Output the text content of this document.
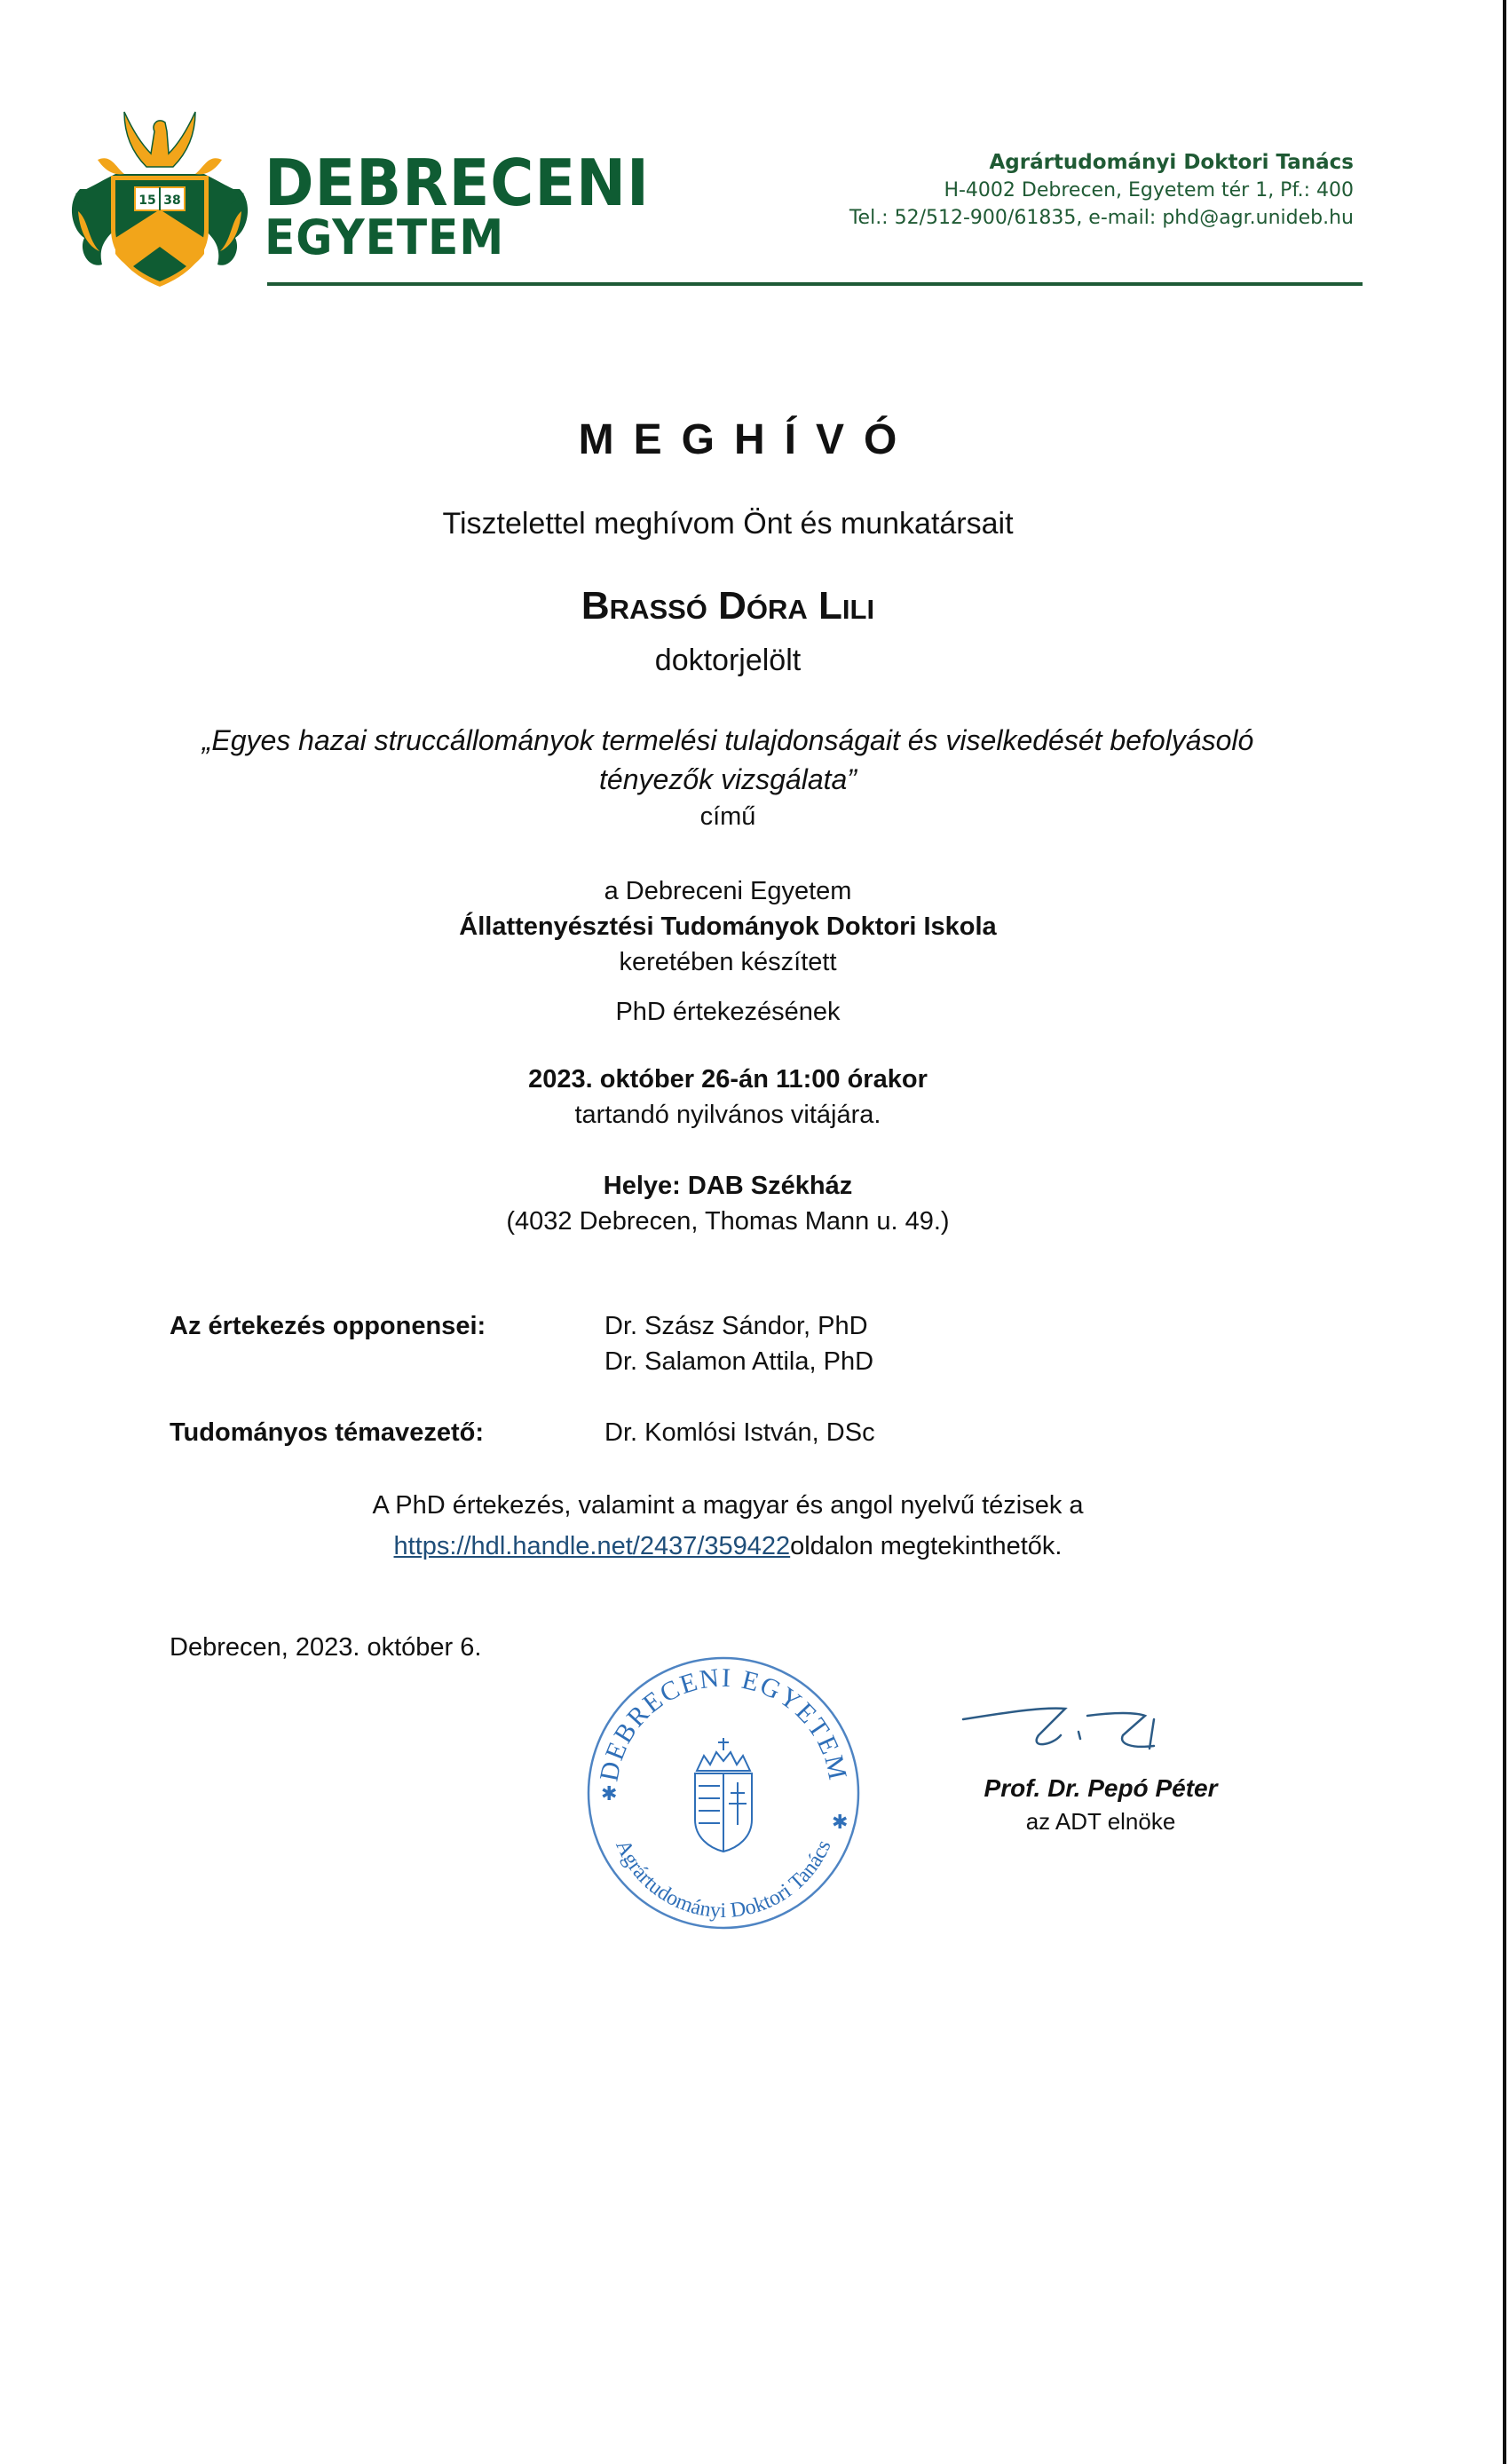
15 38 DEBRECENI
EGYETEM
Agrártudományi Doktori Tanács
H-4002 Debrecen, Egyetem tér 1, Pf.: 400
Tel.: 52/512-900/61835, e-mail: phd@agr.unideb.hu
MEGHÍVÓ
Tisztelettel meghívom Önt és munkatársait
Brassó Dóra Lili
doktorjelölt
„Egyes hazai struccállományok termelési tulajdonságait és viselkedését befolyásoló
tényezők vizsgálata”
című
a Debreceni Egyetem
Állattenyésztési Tudományok Doktori Iskola
keretében készített
PhD értekezésének
2023. október 26-án 11:00 órakor
tartandó nyilvános vitájára.
Helye: DAB Székház
(4032 Debrecen, Thomas Mann u. 49.)
Az értekezés opponensei:	Dr. Szász Sándor, PhD
Dr. Salamon Attila, PhD
Tudományos témavezető:	Dr. Komlósi István, DSc
A PhD értekezés, valamint a magyar és angol nyelvű tézisek a
https://hdl.handle.net/2437/359422oldalon megtekinthetők.
Debrecen, 2023. október 6.
DEBRECENI EGYETEM
Agrártudományi Doktori Tanács
✱
✱
Prof. Dr. Pepó Péter
az ADT elnöke
